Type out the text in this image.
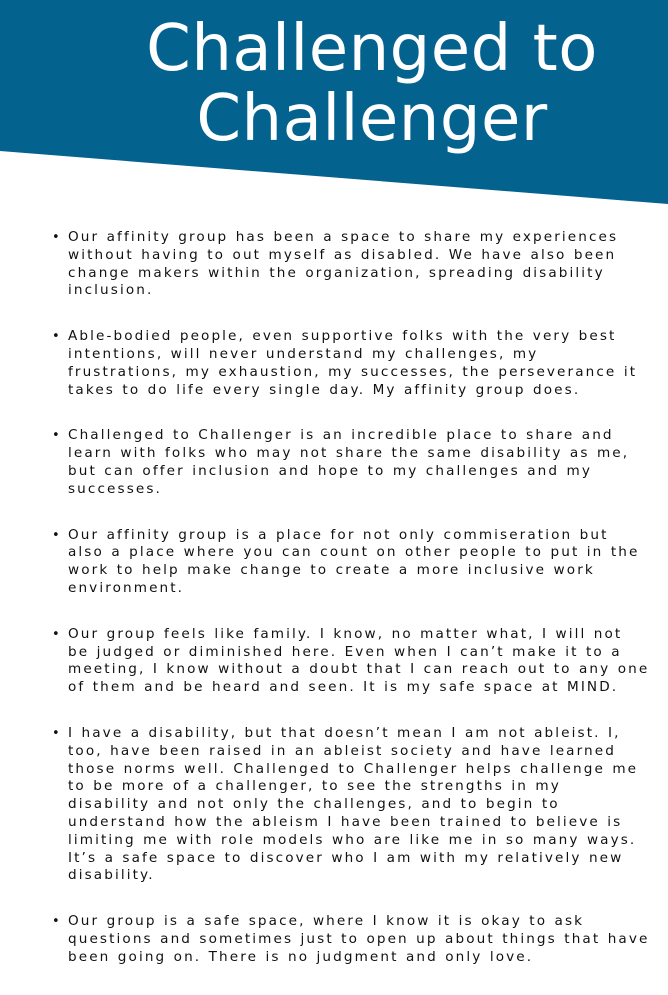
Challenged to Challenger
• Our affinity group has been a space to share my experiences without having to out myself as disabled. We have also been change makers within the organization, spreading disability inclusion.
• Able-bodied people, even supportive folks with the very best intentions, will never understand my challenges, my frustrations, my exhaustion, my successes, the perseverance it takes to do life every single day. My affinity group does.
• Challenged to Challenger is an incredible place to share and learn with folks who may not share the same disability as me, but can offer inclusion and hope to my challenges and my successes.
• Our affinity group is a place for not only commiseration but also a place where you can count on other people to put in the work to help make change to create a more inclusive work environment.
• Our group feels like family. I know, no matter what, I will not be judged or diminished here. Even when I can’t make it to a meeting, I know without a doubt that I can reach out to any one of them and be heard and seen. It is my safe space at MIND.
• I have a disability, but that doesn’t mean I am not ableist. I, too, have been raised in an ableist society and have learned those norms well. Challenged to Challenger helps challenge me to be more of a challenger, to see the strengths in my disability and not only the challenges, and to begin to understand how the ableism I have been trained to believe is limiting me with role models who are like me in so many ways. It’s a safe space to discover who I am with my relatively new disability.
• Our group is a safe space, where I know it is okay to ask questions and sometimes just to open up about things that have been going on. There is no judgment and only love.
